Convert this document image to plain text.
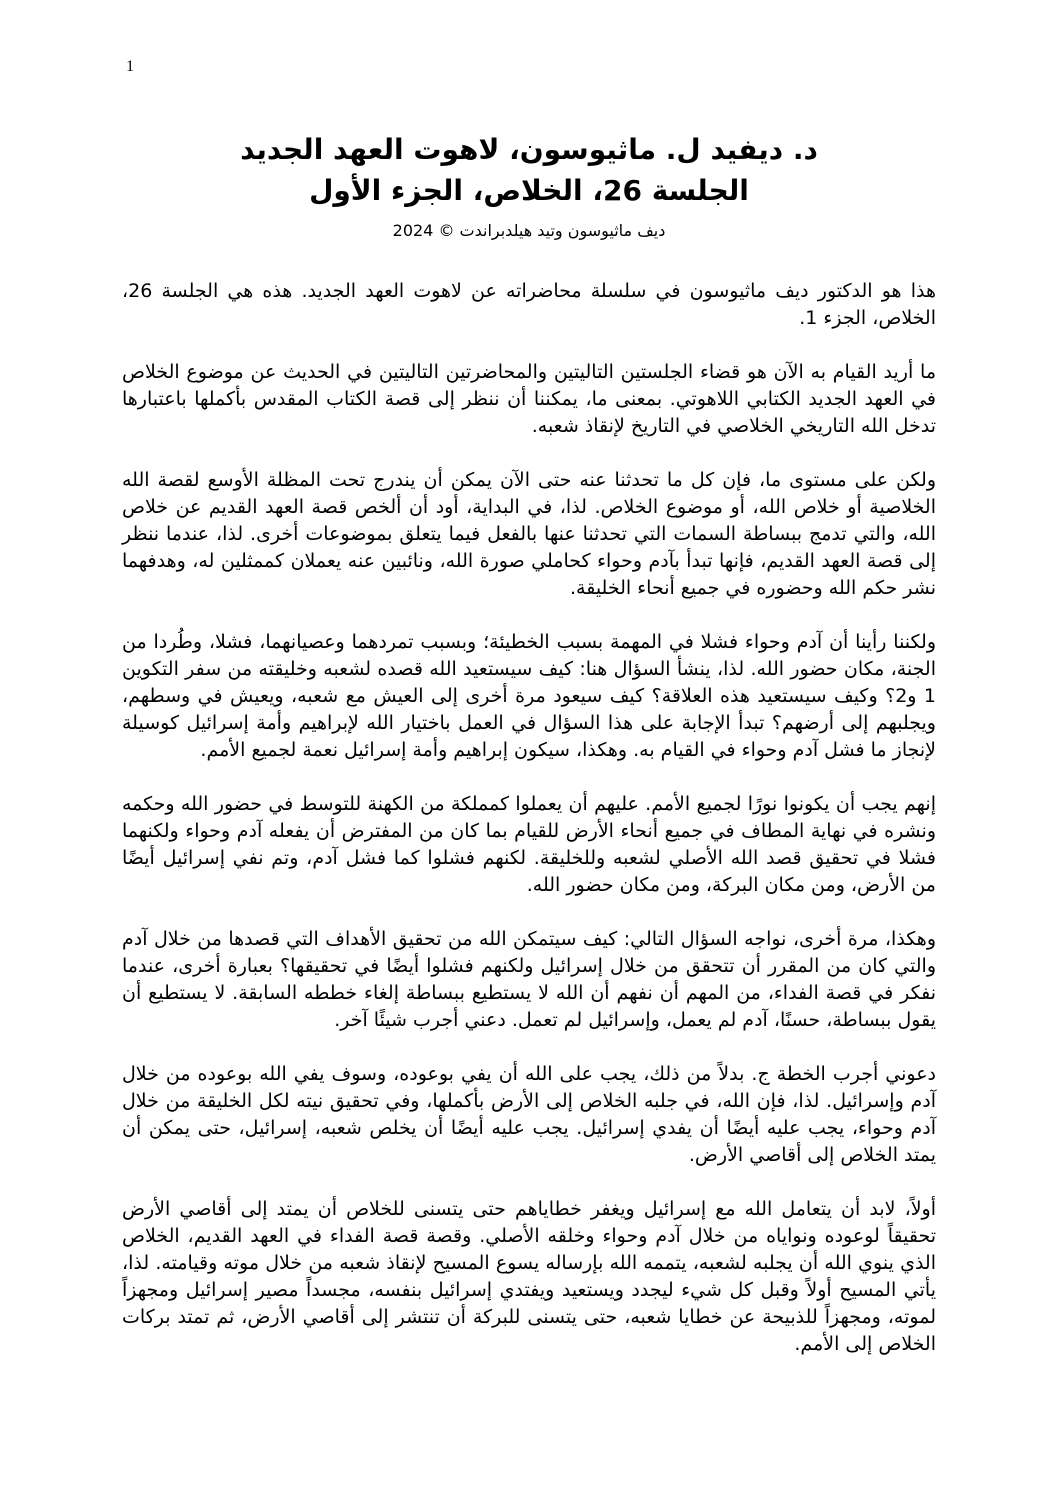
1
د. ديفيد ل. ماثيوسون، لاهوت العهد الجديد
الجلسة 26، الخلاص، الجزء الأول
ديف ماثيوسون وتيد هيلدبراندت © 2024

هذا هو الدكتور ديف ماثيوسون في سلسلة محاضراته عن لاهوت العهد الجديد. هذه هي الجلسة 26، الخلاص، الجزء 1.

ما أريد القيام به الآن هو قضاء الجلستين التاليتين والمحاضرتين التاليتين في الحديث عن موضوع الخلاص في العهد الجديد الكتابي اللاهوتي. بمعنى ما، يمكننا أن ننظر إلى قصة الكتاب المقدس بأكملها باعتبارها تدخل الله التاريخي الخلاصي في التاريخ لإنقاذ شعبه.

ولكن على مستوى ما، فإن كل ما تحدثنا عنه حتى الآن يمكن أن يندرج تحت المظلة الأوسع لقصة الله الخلاصية أو خلاص الله، أو موضوع الخلاص. لذا، في البداية، أود أن ألخص قصة العهد القديم عن خلاص الله، والتي تدمج ببساطة السمات التي تحدثنا عنها بالفعل فيما يتعلق بموضوعات أخرى. لذا، عندما ننظر إلى قصة العهد القديم، فإنها تبدأ بآدم وحواء كحاملي صورة الله، ونائبين عنه يعملان كممثلين له، وهدفهما نشر حكم الله وحضوره في جميع أنحاء الخليقة.

ولكننا رأينا أن آدم وحواء فشلا في المهمة بسبب الخطيئة؛ وبسبب تمردهما وعصيانهما، فشلا، وطُردا من الجنة، مكان حضور الله. لذا، ينشأ السؤال هنا: كيف سيستعيد الله قصده لشعبه وخليقته من سفر التكوين 1 و2؟ وكيف سيستعيد هذه العلاقة؟ كيف سيعود مرة أخرى إلى العيش مع شعبه، ويعيش في وسطهم، ويجلبهم إلى أرضهم؟ تبدأ الإجابة على هذا السؤال في العمل باختيار الله لإبراهيم وأمة إسرائيل كوسيلة لإنجاز ما فشل آدم وحواء في القيام به. وهكذا، سيكون إبراهيم وأمة إسرائيل نعمة لجميع الأمم.

إنهم يجب أن يكونوا نورًا لجميع الأمم. عليهم أن يعملوا كمملكة من الكهنة للتوسط في حضور الله وحكمه ونشره في نهاية المطاف في جميع أنحاء الأرض للقيام بما كان من المفترض أن يفعله آدم وحواء ولكنهما فشلا في تحقيق قصد الله الأصلي لشعبه وللخليقة. لكنهم فشلوا كما فشل آدم، وتم نفي إسرائيل أيضًا من الأرض، ومن مكان البركة، ومن مكان حضور الله.

وهكذا، مرة أخرى، نواجه السؤال التالي: كيف سيتمكن الله من تحقيق الأهداف التي قصدها من خلال آدم والتي كان من المقرر أن تتحقق من خلال إسرائيل ولكنهم فشلوا أيضًا في تحقيقها؟ بعبارة أخرى، عندما نفكر في قصة الفداء، من المهم أن نفهم أن الله لا يستطيع ببساطة إلغاء خططه السابقة. لا يستطيع أن يقول ببساطة، حسنًا، آدم لم يعمل، وإسرائيل لم تعمل. دعني أجرب شيئًا آخر.

دعوني أجرب الخطة ج. بدلاً من ذلك، يجب على الله أن يفي بوعوده، وسوف يفي الله بوعوده من خلال آدم وإسرائيل. لذا، فإن الله، في جلبه الخلاص إلى الأرض بأكملها، وفي تحقيق نيته لكل الخليقة من خلال آدم وحواء، يجب عليه أيضًا أن يفدي إسرائيل. يجب عليه أيضًا أن يخلص شعبه، إسرائيل، حتى يمكن أن يمتد الخلاص إلى أقاصي الأرض.

أولاً، لابد أن يتعامل الله مع إسرائيل ويغفر خطاياهم حتى يتسنى للخلاص أن يمتد إلى أقاصي الأرض تحقيقاً لوعوده ونواياه من خلال آدم وحواء وخلقه الأصلي. وقصة قصة الفداء في العهد القديم، الخلاص الذي ينوي الله أن يجلبه لشعبه، يتممه الله بإرساله يسوع المسيح لإنقاذ شعبه من خلال موته وقيامته. لذا، يأتي المسيح أولاً وقبل كل شيء ليجدد ويستعيد ويفتدي إسرائيل بنفسه، مجسداً مصير إسرائيل ومجهزاً لموته، ومجهزاً للذبيحة عن خطايا شعبه، حتى يتسنى للبركة أن تنتشر إلى أقاصي الأرض، ثم تمتد بركات الخلاص إلى الأمم.
